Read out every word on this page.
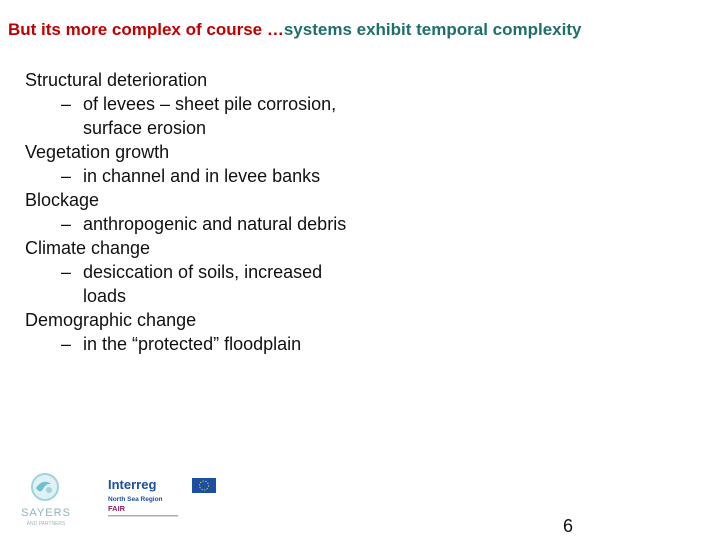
But its more complex of course …systems exhibit temporal complexity
Structural deterioration
– of levees – sheet pile corrosion, surface erosion
Vegetation growth
– in channel and in levee banks
Blockage
– anthropogenic and natural debris
Climate change
– desiccation of soils, increased loads
Demographic change
– in the “protected” floodplain
SAYERS
AND PARTNERS
Interreg
North Sea Region
FAIR
6
